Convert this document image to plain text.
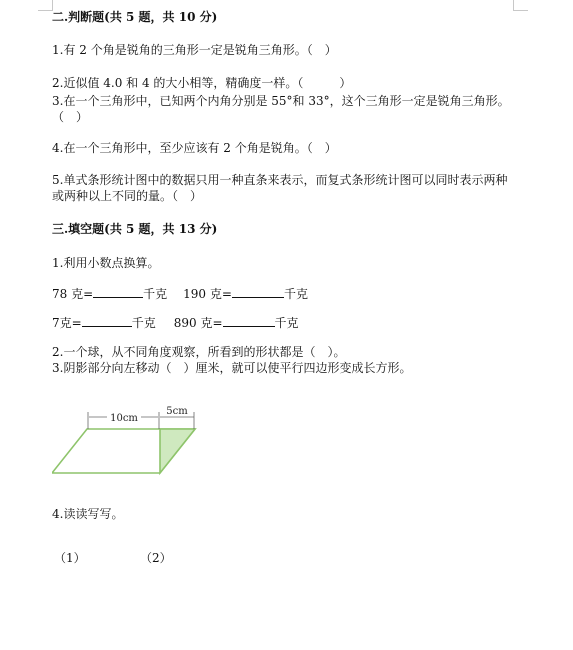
二.判断题(共 5 题，共 10 分)
1.有 2 个角是锐角的三角形一定是锐角三角形。（　）
2.近似值 4.0 和 4 的大小相等，精确度一样。（　　　）
3.在一个三角形中，已知两个内角分别是 55°和 33°，这个三角形一定是锐角三角形。（　）
4.在一个三角形中，至少应该有 2 个角是锐角。（　）
5.单式条形统计图中的数据只用一种直条来表示，而复式条形统计图可以同时表示两种或两种以上不同的量。（　）
三.填空题(共 5 题，共 13 分)
1.利用小数点换算。
78 克=	千克 190 克=	千克
7克=	千克 890 克=	千克
2.一个球，从不同角度观察，所看到的形状都是（　）。
3.阴影部分向左移动（　）厘米，就可以使平行四边形变成长方形。
10cm
5cm
4.读读写写。
（1）	（2）
